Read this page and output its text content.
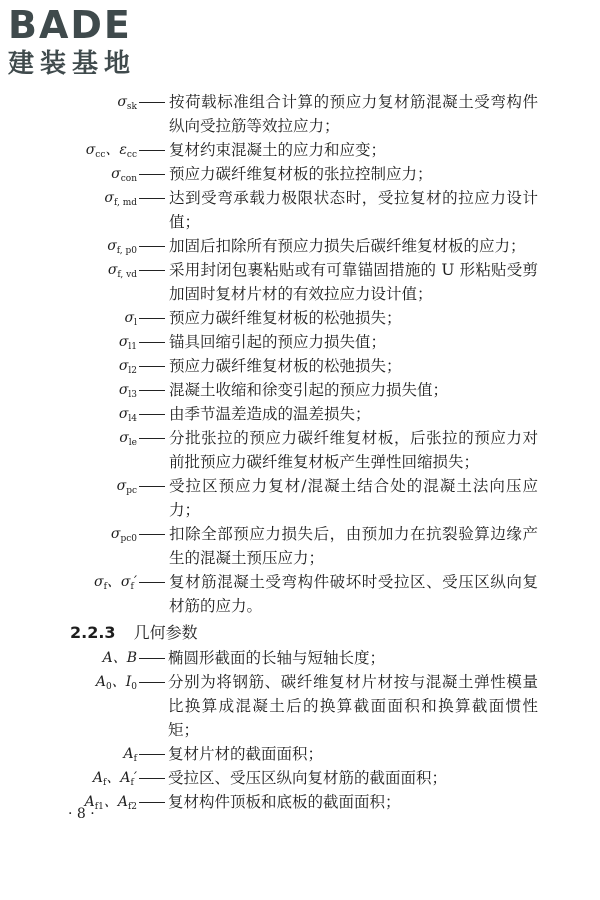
BADE
建装基地
$\sigma_{sk}$ 按荷载标准组合计算的预应力复材筋混凝土受弯构件纵向受拉筋等效拉应力；
$\sigma_{cc}$、$\varepsilon_{cc}$ 复材约束混凝土的应力和应变；
$\sigma_{con}$ 预应力碳纤维复材板的张拉控制应力；
$\sigma_{f, md}$ 达到受弯承载力极限状态时，受拉复材的拉应力设计值；
$\sigma_{f, p0}$ 加固后扣除所有预应力损失后碳纤维复材板的应力；
$\sigma_{f, vd}$ 采用封闭包裹粘贴或有可靠锚固措施的 U 形粘贴受剪加固时复材片材的有效拉应力设计值；
$\sigma_l$ 预应力碳纤维复材板的松弛损失；
$\sigma_{l1}$ 锚具回缩引起的预应力损失值；
$\sigma_{l2}$ 预应力碳纤维复材板的松弛损失；
$\sigma_{l3}$ 混凝土收缩和徐变引起的预应力损失值；
$\sigma_{l4}$ 由季节温差造成的温差损失；
$\sigma_{le}$ 分批张拉的预应力碳纤维复材板，后张拉的预应力对前批预应力碳纤维复材板产生弹性回缩损失；
$\sigma_{pc}$ 受拉区预应力复材/混凝土结合处的混凝土法向压应力；
$\sigma_{pc0}$ 扣除全部预应力损失后，由预加力在抗裂验算边缘产生的混凝土预压应力；
$\sigma_f$、$\sigma_f'$ 复材筋混凝土受弯构件破坏时受拉区、受压区纵向复材筋的应力。
2.2.3 几何参数
A、B 椭圆形截面的长轴与短轴长度；
$A_0$、$I_0$ 分别为将钢筋、碳纤维复材片材按与混凝土弹性模量比换算成混凝土后的换算截面面积和换算截面惯性矩；
$A_f$ 复材片材的截面面积；
$A_f$、$A_f'$ 受拉区、受压区纵向复材筋的截面面积；
$A_{f1}$、$A_{f2}$ 复材构件顶板和底板的截面面积；
· 8 ·
